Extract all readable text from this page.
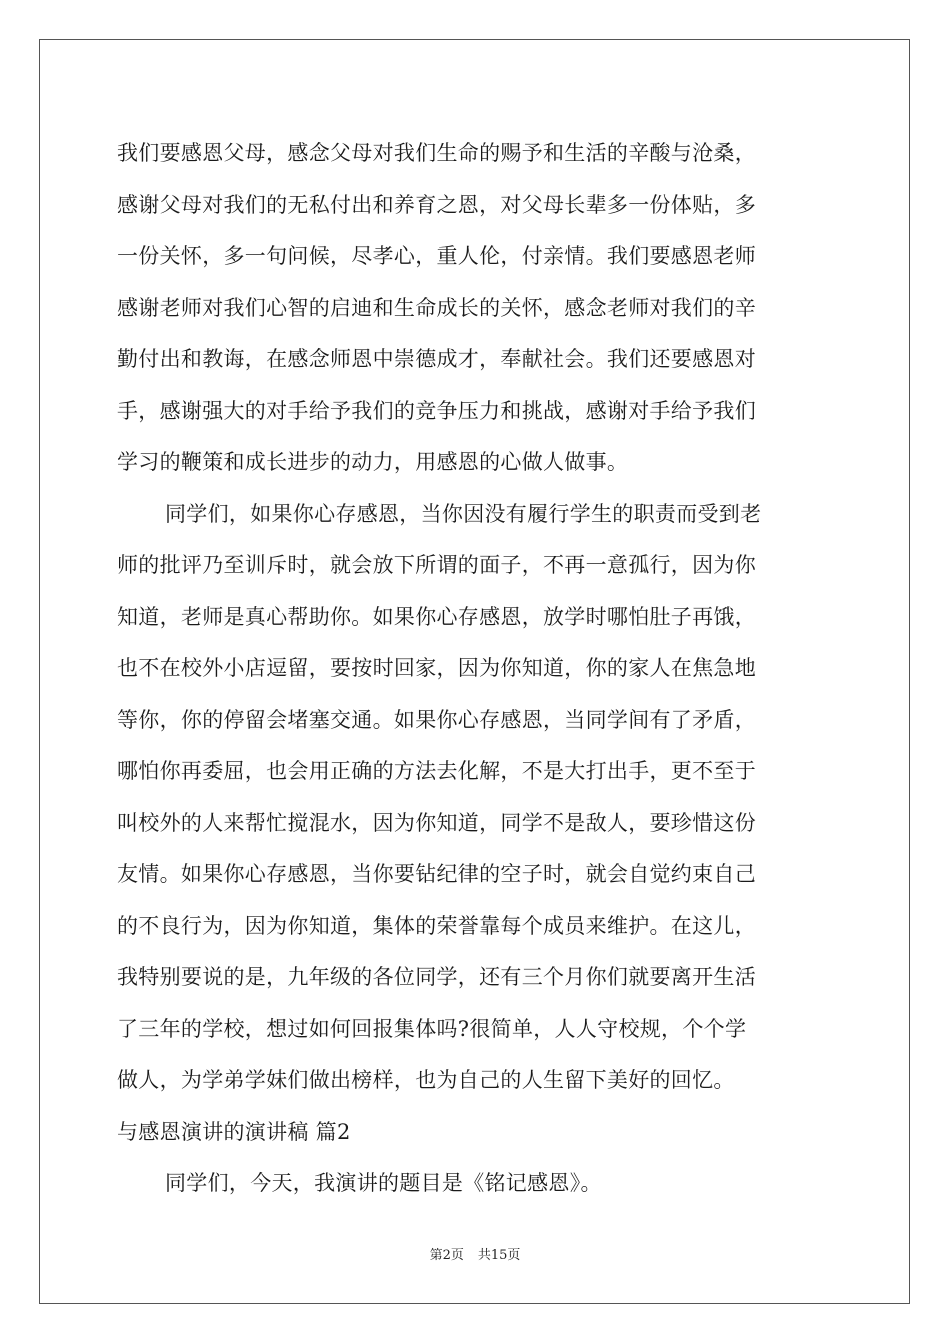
我们要感恩父母，感念父母对我们生命的赐予和生活的辛酸与沧桑，
感谢父母对我们的无私付出和养育之恩，对父母长辈多一份体贴，多
一份关怀，多一句问候，尽孝心，重人伦，付亲情。我们要感恩老师
感谢老师对我们心智的启迪和生命成长的关怀，感念老师对我们的辛
勤付出和教诲，在感念师恩中崇德成才，奉献社会。我们还要感恩对
手，感谢强大的对手给予我们的竞争压力和挑战，感谢对手给予我们
学习的鞭策和成长进步的动力，用感恩的心做人做事。
同学们，如果你心存感恩，当你因没有履行学生的职责而受到老
师的批评乃至训斥时，就会放下所谓的面子，不再一意孤行，因为你
知道，老师是真心帮助你。如果你心存感恩，放学时哪怕肚子再饿，
也不在校外小店逗留，要按时回家，因为你知道，你的家人在焦急地
等你，你的停留会堵塞交通。如果你心存感恩，当同学间有了矛盾，
哪怕你再委屈，也会用正确的方法去化解，不是大打出手，更不至于
叫校外的人来帮忙搅混水，因为你知道，同学不是敌人，要珍惜这份
友情。如果你心存感恩，当你要钻纪律的空子时，就会自觉约束自己
的不良行为，因为你知道，集体的荣誉靠每个成员来维护。在这儿，
我特别要说的是，九年级的各位同学，还有三个月你们就要离开生活
了三年的学校，想过如何回报集体吗?很简单，人人守校规，个个学
做人，为学弟学妹们做出榜样，也为自己的人生留下美好的回忆。
与感恩演讲的演讲稿 篇2
同学们，今天，我演讲的题目是《铭记感恩》。
第2页 共15页
